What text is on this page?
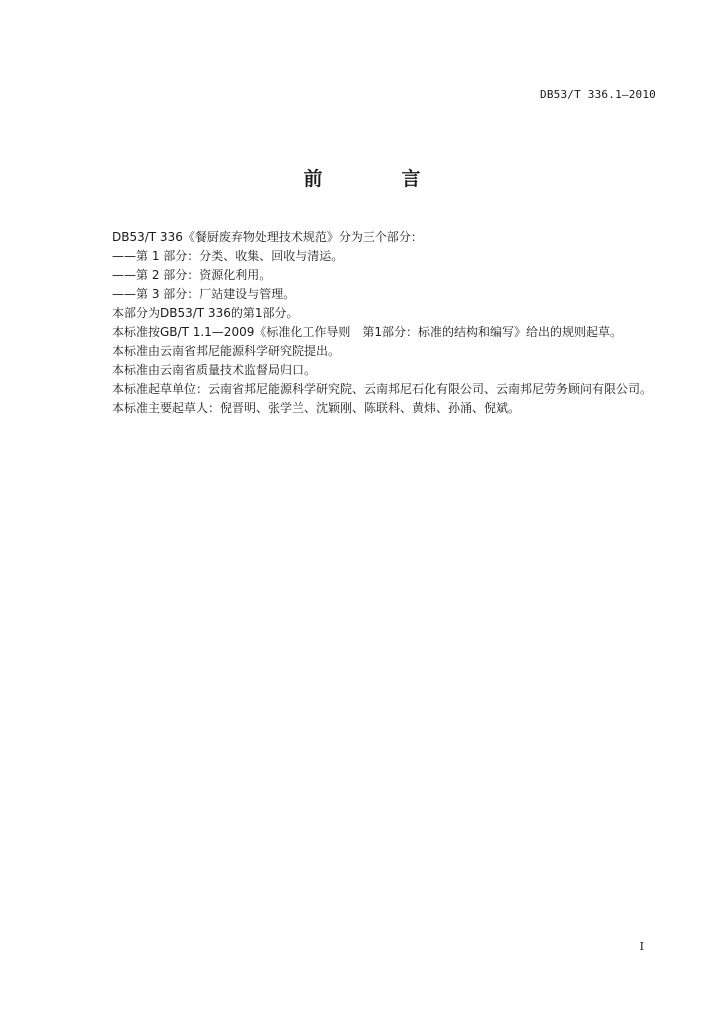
DB53/T 336.1—2010
前　言

DB53/T 336《餐厨废弃物处理技术规范》分为三个部分：

——第 1 部分：分类、收集、回收与清运。

——第 2 部分：资源化利用。

——第 3 部分：厂站建设与管理。

本部分为DB53/T 336的第1部分。

本标准按GB/T 1.1—2009《标准化工作导则　第1部分：标准的结构和编写》给出的规则起草。

本标准由云南省邦尼能源科学研究院提出。

本标准由云南省质量技术监督局归口。

本标准起草单位：云南省邦尼能源科学研究院、云南邦尼石化有限公司、云南邦尼劳务顾问有限公司。

本标准主要起草人：倪晋明、张学兰、沈颖刚、陈联科、黄炜、孙涌、倪斌。

I
